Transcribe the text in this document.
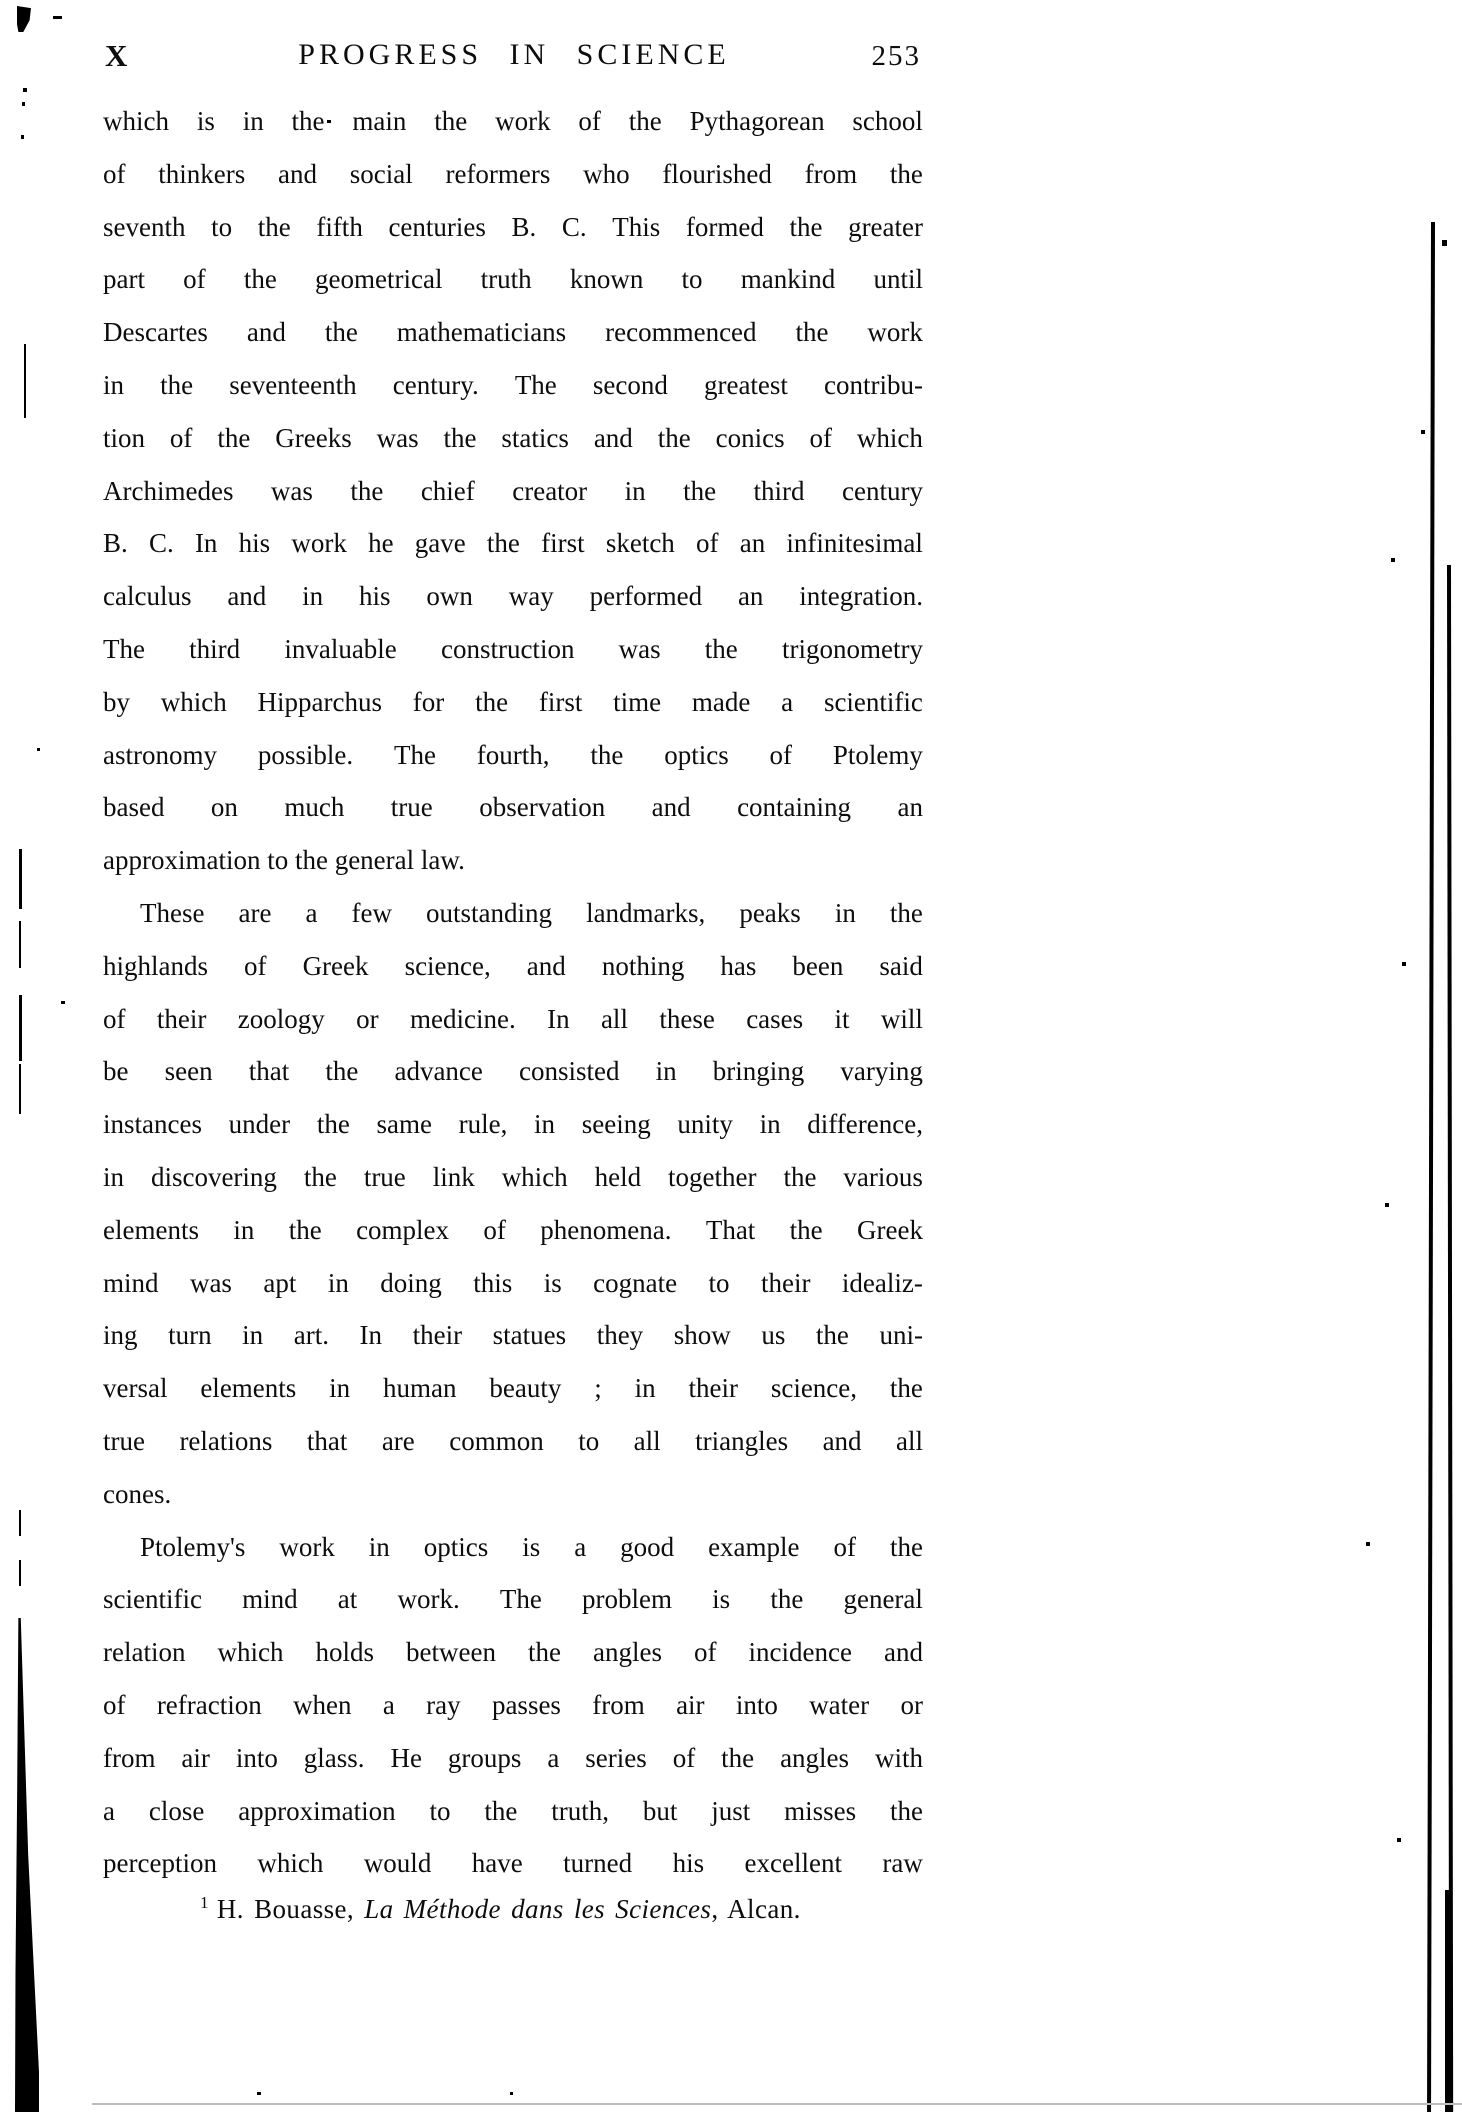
X	PROGRESS IN SCIENCE	253
which is in the main the work of the Pythagorean school
of thinkers and social reformers who flourished from the
seventh to the fifth centuries B. C. This formed the greater
part of the geometrical truth known to mankind until
Descartes and the mathematicians recommenced the work
in the seventeenth century. The second greatest contribu-
tion of the Greeks was the statics and the conics of which
Archimedes was the chief creator in the third century
B. C. In his work he gave the first sketch of an infinitesimal
calculus and in his own way performed an integration.
The third invaluable construction was the trigonometry
by which Hipparchus for the first time made a scientific
astronomy possible. The fourth, the optics of Ptolemy
based on much true observation and containing an
approximation to the general law.
These are a few outstanding landmarks, peaks in the
highlands of Greek science, and nothing has been said
of their zoology or medicine. In all these cases it will
be seen that the advance consisted in bringing varying
instances under the same rule, in seeing unity in difference,
in discovering the true link which held together the various
elements in the complex of phenomena. That the Greek
mind was apt in doing this is cognate to their idealiz-
ing turn in art. In their statues they show us the uni-
versal elements in human beauty ; in their science, the
true relations that are common to all triangles and all
cones.
Ptolemy's work in optics is a good example of the
scientific mind at work. The problem is the general
relation which holds between the angles of incidence and
of refraction when a ray passes from air into water or
from air into glass. He groups a series of the angles with
a close approximation to the truth, but just misses the
perception which would have turned his excellent raw
$^1$ H. Bouasse, La Méthode dans les Sciences, Alcan.
